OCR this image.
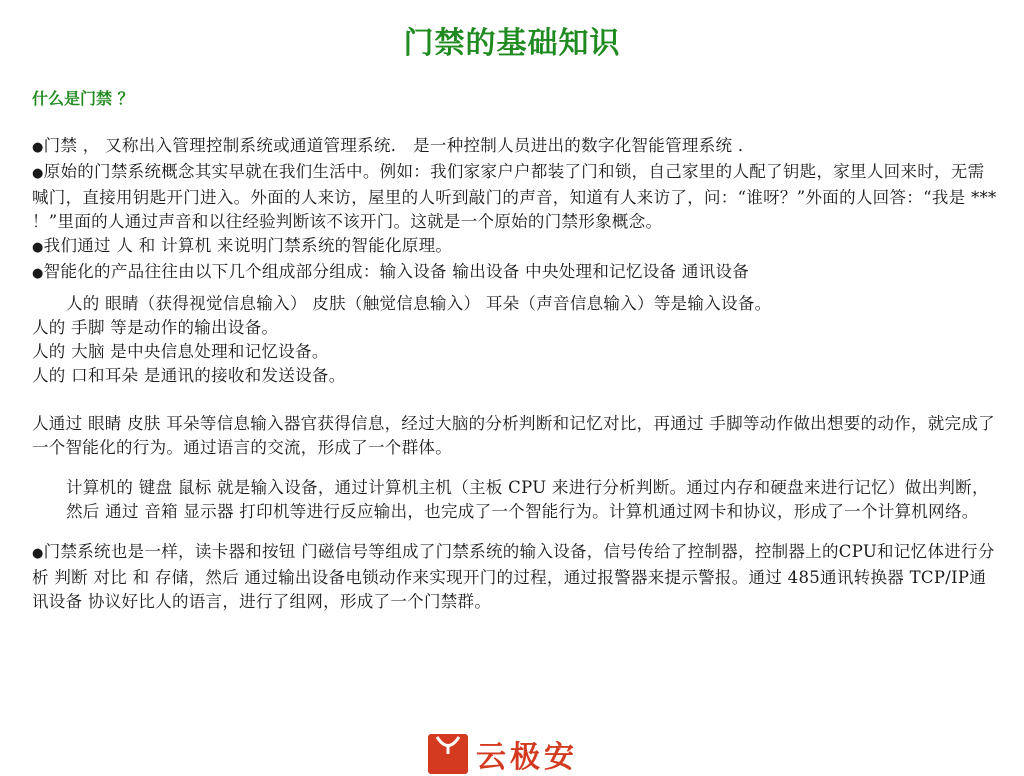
门禁的基础知识
什么是门禁 ？

● 门禁 ， 又称出入管理控制系统或通道管理系统． 是一种控制人员进出的数字化智能管理系统 ．

● 原始的门禁系统概念其实早就在我们生活中。例如：我们家家户户都装了门和锁，自己家里的人配了钥匙，家里人回来时，无需喊门，直接用钥匙开门进入。外面的人来访，屋里的人听到敲门的声音，知道有人来访了，问：“谁呀？”外面的人回答：“我是 *** ！”里面的人通过声音和以往经验判断该不该开门。这就是一个原始的门禁形象概念。

● 我们通过 人 和 计算机 来说明门禁系统的智能化原理。

● 智能化的产品往往由以下几个组成部分组成：输入设备 输出设备 中央处理和记忆设备 通讯设备

人的 眼睛（获得视觉信息输入） 皮肤（触觉信息输入） 耳朵（声音信息输入）等是输入设备。

人的 手脚 等是动作的输出设备。

人的 大脑 是中央信息处理和记忆设备。

人的 口和耳朵 是通讯的接收和发送设备。

人通过 眼睛 皮肤 耳朵等信息输入器官获得信息，经过大脑的分析判断和记忆对比，再通过 手脚等动作做出想要的动作，就完成了一个智能化的行为。通过语言的交流，形成了一个群体。

计算机的 键盘 鼠标 就是输入设备，通过计算机主机（主板 CPU 来进行分析判断。通过内存和硬盘来进行记忆）做出判断，然后 通过 音箱 显示器 打印机等进行反应输出，也完成了一个智能行为。计算机通过网卡和协议，形成了一个计算机网络。

● 门禁系统也是一样，读卡器和按钮 门磁信号等组成了门禁系统的输入设备，信号传给了控制器，控制器上的CPU和记忆体进行分析 判断 对比 和 存储，然后 通过输出设备电锁动作来实现开门的过程，通过报警器来提示警报。通过 485通讯转换器 TCP/IP通讯设备 协议好比人的语言，进行了组网，形成了一个门禁群。

云极安
